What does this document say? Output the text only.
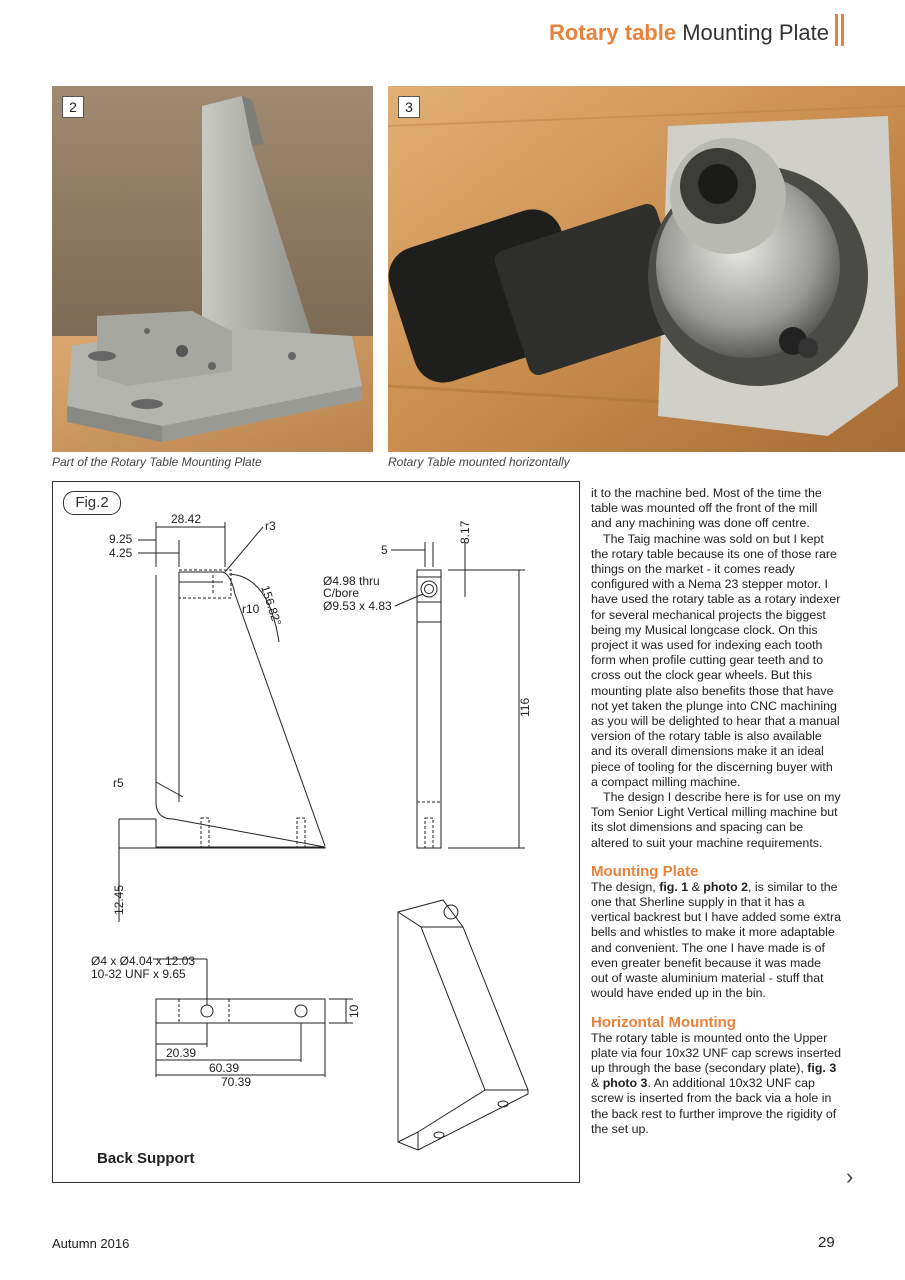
Rotary table Mounting Plate
2
Part of the Rotary Table Mounting Plate
3
Rotary Table mounted horizontally
28.42
9.25
4.25
r3
156.82°
r10
r5
12.45
5
8.17
Ø4.98 thru
C/bore
Ø9.53 x 4.83
116
Ø4 x Ø4.04 x 12.03
10-32 UNF x 9.65
10
20.39
60.39
70.39
Fig.2
Back Support

it to the machine bed. Most of the time the table was mounted off the front of the mill and any machining was done off centre.

The Taig machine was sold on but I kept the rotary table because its one of those rare things on the market - it comes ready configured with a Nema 23 stepper motor. I have used the rotary table as a rotary indexer for several mechanical projects the biggest being my Musical longcase clock. On this project it was used for indexing each tooth form when profile cutting gear teeth and to cross out the clock gear wheels. But this mounting plate also benefits those that have not yet taken the plunge into CNC machining as you will be delighted to hear that a manual version of the rotary table is also available and its overall dimensions make it an ideal piece of tooling for the discerning buyer with a compact milling machine.

The design I describe here is for use on my Tom Senior Light Vertical milling machine but its slot dimensions and spacing can be altered to suit your machine requirements.

Mounting Plate

The design, fig. 1 & photo 2, is similar to the one that Sherline supply in that it has a vertical backrest but I have added some extra bells and whistles to make it more adaptable and convenient. The one I have made is of even greater benefit because it was made out of waste aluminium material - stuff that would have ended up in the bin.

Horizontal Mounting

The rotary table is mounted onto the Upper plate via four 10x32 UNF cap screws inserted up through the base (secondary plate), fig. 3 & photo 3. An additional 10x32 UNF cap screw is inserted from the back via a hole in the back rest to further improve the rigidity of the set up.

›
Autumn 2016	29
